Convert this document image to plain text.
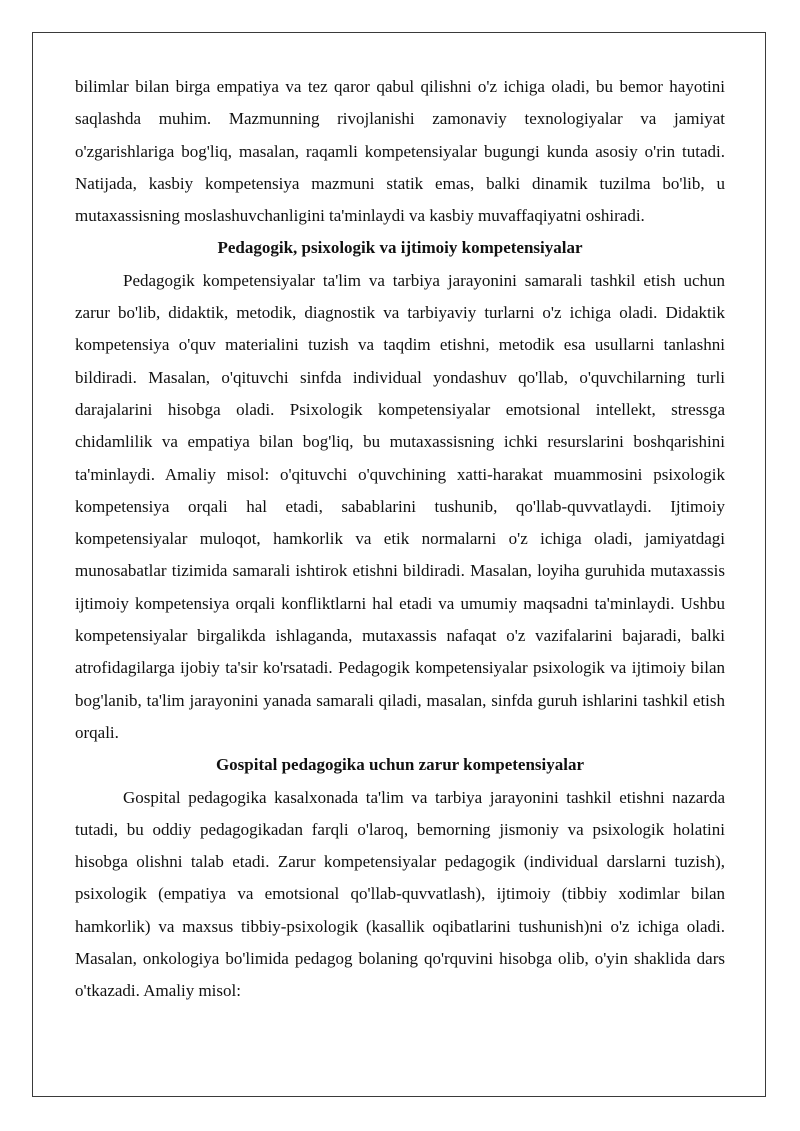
bilimlar bilan birga empatiya va tez qaror qabul qilishni o'z ichiga oladi, bu bemor hayotini saqlashda muhim. Mazmunning rivojlanishi zamonaviy texnologiyalar va jamiyat o'zgarishlariga bog'liq, masalan, raqamli kompetensiyalar bugungi kunda asosiy o'rin tutadi. Natijada, kasbiy kompetensiya mazmuni statik emas, balki dinamik tuzilma bo'lib, u mutaxassisning moslashuvchanligini ta'minlaydi va kasbiy muvaffaqiyatni oshiradi.

Pedagogik, psixologik va ijtimoiy kompetensiyalar

Pedagogik kompetensiyalar ta'lim va tarbiya jarayonini samarali tashkil etish uchun zarur bo'lib, didaktik, metodik, diagnostik va tarbiyaviy turlarni o'z ichiga oladi. Didaktik kompetensiya o'quv materialini tuzish va taqdim etishni, metodik esa usullarni tanlashni bildiradi. Masalan, o'qituvchi sinfda individual yondashuv qo'llab, o'quvchilarning turli darajalarini hisobga oladi. Psixologik kompetensiyalar emotsional intellekt, stressga chidamlilik va empatiya bilan bog'liq, bu mutaxassisning ichki resurslarini boshqarishini ta'minlaydi. Amaliy misol: o'qituvchi o'quvchining xatti-harakat muammosini psixologik kompetensiya orqali hal etadi, sabablarini tushunib, qo'llab-quvvatlaydi. Ijtimoiy kompetensiyalar muloqot, hamkorlik va etik normalarni o'z ichiga oladi, jamiyatdagi munosabatlar tizimida samarali ishtirok etishni bildiradi. Masalan, loyiha guruhida mutaxassis ijtimoiy kompetensiya orqali konfliktlarni hal etadi va umumiy maqsadni ta'minlaydi. Ushbu kompetensiyalar birgalikda ishlaganda, mutaxassis nafaqat o'z vazifalarini bajaradi, balki atrofidagilarga ijobiy ta'sir ko'rsatadi. Pedagogik kompetensiyalar psixologik va ijtimoiy bilan bog'lanib, ta'lim jarayonini yanada samarali qiladi, masalan, sinfda guruh ishlarini tashkil etish orqali.

Gospital pedagogika uchun zarur kompetensiyalar

Gospital pedagogika kasalxonada ta'lim va tarbiya jarayonini tashkil etishni nazarda tutadi, bu oddiy pedagogikadan farqli o'laroq, bemorning jismoniy va psixologik holatini hisobga olishni talab etadi. Zarur kompetensiyalar pedagogik (individual darslarni tuzish), psixologik (empatiya va emotsional qo'llab-quvvatlash), ijtimoiy (tibbiy xodimlar bilan hamkorlik) va maxsus tibbiy-psixologik (kasallik oqibatlarini tushunish)ni o'z ichiga oladi. Masalan, onkologiya bo'limida pedagog bolaning qo'rquvini hisobga olib, o'yin shaklida dars o'tkazadi. Amaliy misol:
